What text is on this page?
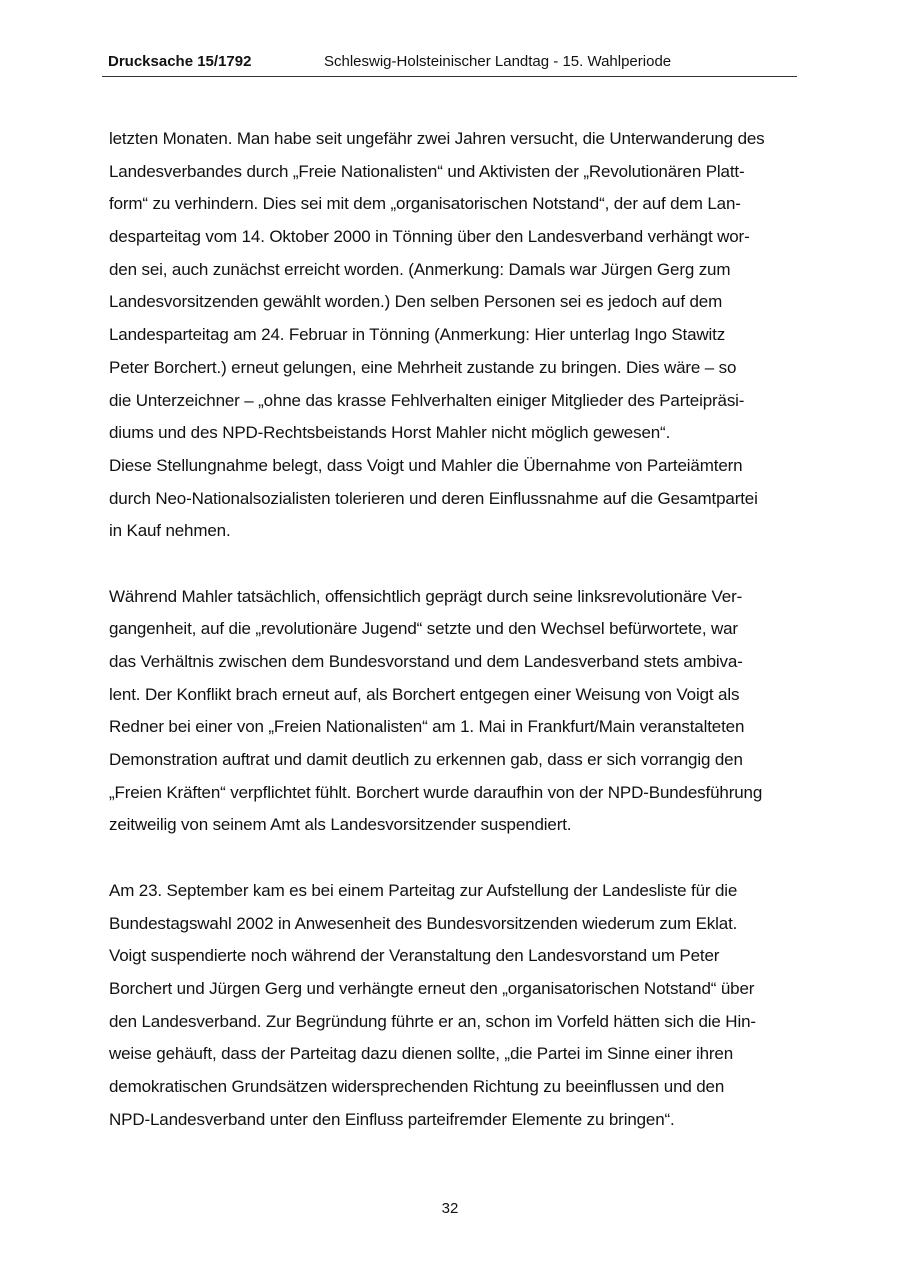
Drucksache 15/1792	Schleswig-Holsteinischer Landtag - 15. Wahlperiode
letzten Monaten. Man habe seit ungefähr zwei Jahren versucht, die Unterwanderung des
Landesverbandes durch „Freie Nationalisten“ und Aktivisten der „Revolutionären Platt-
form“ zu verhindern. Dies sei mit dem „organisatorischen Notstand“, der auf dem Lan-
desparteitag vom 14. Oktober 2000 in Tönning über den Landesverband verhängt wor-
den sei, auch zunächst erreicht worden. (Anmerkung: Damals war Jürgen Gerg zum
Landesvorsitzenden gewählt worden.) Den selben Personen sei es jedoch auf dem
Landesparteitag am 24. Februar in Tönning (Anmerkung: Hier unterlag Ingo Stawitz
Peter Borchert.) erneut gelungen, eine Mehrheit zustande zu bringen. Dies wäre – so
die Unterzeichner – „ohne das krasse Fehlverhalten einiger Mitglieder des Parteipräsi-
diums und des NPD-Rechtsbeistands Horst Mahler nicht möglich gewesen“.
Diese Stellungnahme belegt, dass Voigt und Mahler die Übernahme von Parteiämtern
durch Neo-Nationalsozialisten tolerieren und deren Einflussnahme auf die Gesamtpartei
in Kauf nehmen.
Während Mahler tatsächlich, offensichtlich geprägt durch seine linksrevolutionäre Ver-
gangenheit, auf die „revolutionäre Jugend“ setzte und den Wechsel befürwortete, war
das Verhältnis zwischen dem Bundesvorstand und dem Landesverband stets ambiva-
lent. Der Konflikt brach erneut auf, als Borchert entgegen einer Weisung von Voigt als
Redner bei einer von „Freien Nationalisten“ am 1. Mai in Frankfurt/Main veranstalteten
Demonstration auftrat und damit deutlich zu erkennen gab, dass er sich vorrangig den
„Freien Kräften“ verpflichtet fühlt. Borchert wurde daraufhin von der NPD-Bundesführung
zeitweilig von seinem Amt als Landesvorsitzender suspendiert.
Am 23. September kam es bei einem Parteitag zur Aufstellung der Landesliste für die
Bundestagswahl 2002 in Anwesenheit des Bundesvorsitzenden wiederum zum Eklat.
Voigt suspendierte noch während der Veranstaltung den Landesvorstand um Peter
Borchert und Jürgen Gerg und verhängte erneut den „organisatorischen Notstand“ über
den Landesverband. Zur Begründung führte er an, schon im Vorfeld hätten sich die Hin-
weise gehäuft, dass der Parteitag dazu dienen sollte, „die Partei im Sinne einer ihren
demokratischen Grundsätzen widersprechenden Richtung zu beeinflussen und den
NPD-Landesverband unter den Einfluss parteifremder Elemente zu bringen“.
32
